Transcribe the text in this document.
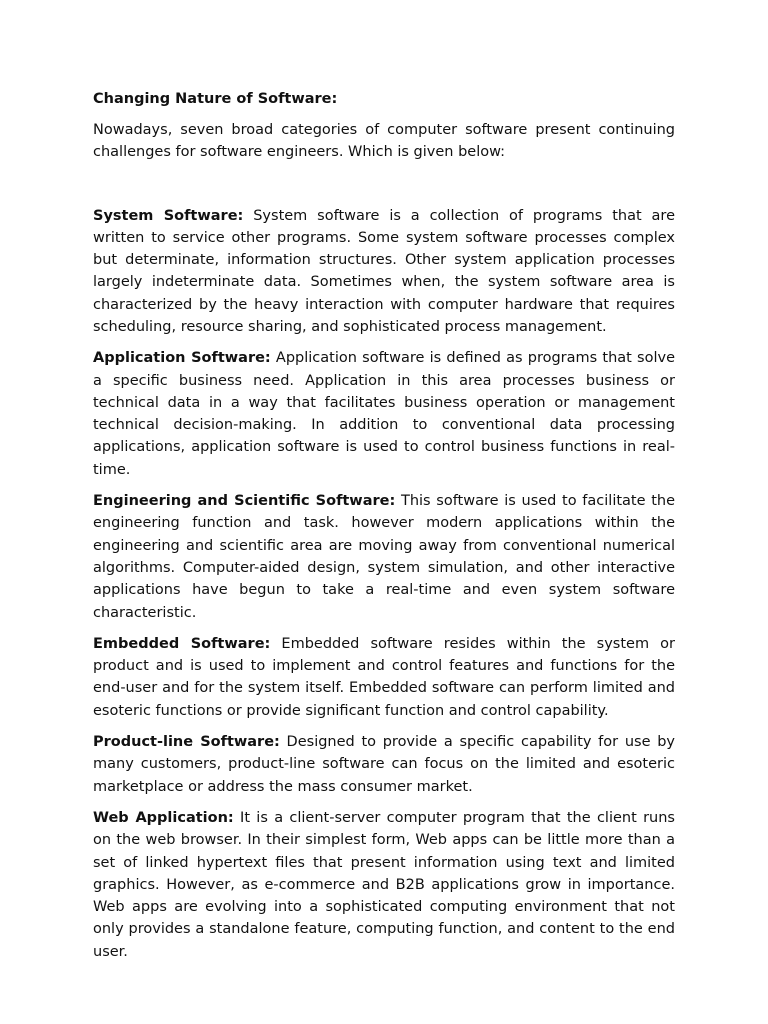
Changing Nature of Software:

Nowadays, seven broad categories of computer software present continuing challenges for software engineers. Which is given below:

System Software: System software is a collection of programs that are written to service other programs. Some system software processes complex but determinate, information structures. Other system application processes largely indeterminate data. Sometimes when, the system software area is characterized by the heavy interaction with computer hardware that requires scheduling, resource sharing, and sophisticated process management.

Application Software: Application software is defined as programs that solve a specific business need. Application in this area processes business or technical data in a way that facilitates business operation or management technical decision-making. In addition to conventional data processing applications, application software is used to control business functions in real-time.

Engineering and Scientific Software: This software is used to facilitate the engineering function and task. however modern applications within the engineering and scientific area are moving away from conventional numerical algorithms. Computer-aided design, system simulation, and other interactive applications have begun to take a real-time and even system software characteristic.

Embedded Software: Embedded software resides within the system or product and is used to implement and control features and functions for the end-user and for the system itself. Embedded software can perform limited and esoteric functions or provide significant function and control capability.

Product-line Software: Designed to provide a specific capability for use by many customers, product-line software can focus on the limited and esoteric marketplace or address the mass consumer market.

Web Application: It is a client-server computer program that the client runs on the web browser. In their simplest form, Web apps can be little more than a set of linked hypertext files that present information using text and limited graphics. However, as e-commerce and B2B applications grow in importance. Web apps are evolving into a sophisticated computing environment that not only provides a standalone feature, computing function, and content to the end user.
